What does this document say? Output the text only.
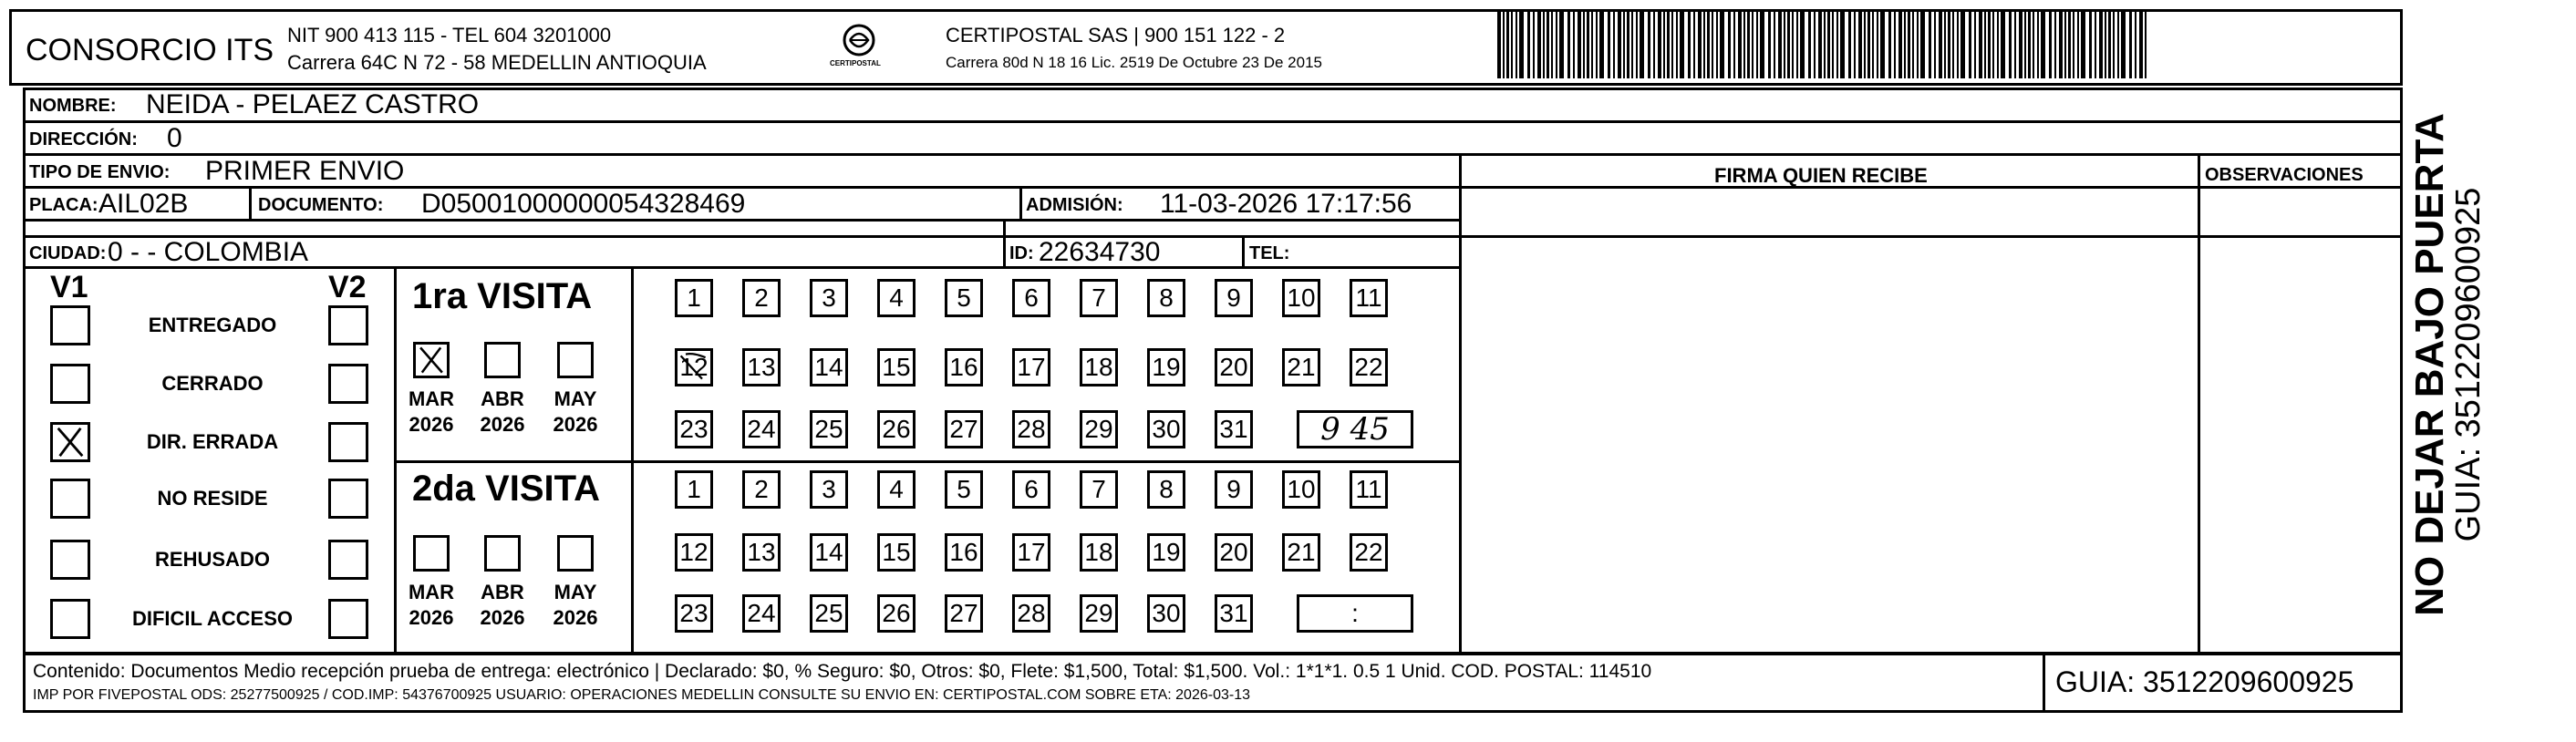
CONSORCIO ITS NIT 900 413 115 - TEL 604 3201000
Carrera 64C N 72 - 58 MEDELLIN ANTIOQUIA	CERTIPOSTAL
CERTIPOSTAL SAS | 900 151 122 - 2
Carrera 80d N 18 16 Lic. 2519 De Octubre 23 De 2015
NOMBRE: NEIDA - PELAEZ CASTRO
DIRECCIÓN: 0
TIPO DE ENVIO: PRIMER ENVIO	FIRMA QUIEN RECIBE	OBSERVACIONES
PLACA: AIL02B	DOCUMENTO: D05001000000054328469	ADMISIÓN: 11-03-2026 17:17:56
CIUDAD: 0 - - COLOMBIA	ID: 22634730	TEL:
V1	V2
ENTREGADO
CERRADO
DIR. ERRADA
NO RESIDE
REHUSADO
DIFICIL ACCESO
1ra VISITA
2da VISITA
MAR
2026
ABR
2026
MAY
2026
MAR
2026
ABR
2026
MAY
2026
1 2 3 4 5 6 7 8 9 10 11
12 13 14 15 16 17 18 19 20 21 22
23 24 25 26 27 28 29 30 31 9 45
1 2 3 4 5 6 7 8 9 10 11
12 13 14 15 16 17 18 19 20 21 22
23 24 25 26 27 28 29 30 31	:	NO DEJAR BAJO PUERTA
GUIA: 3512209600925
Contenido: Documentos Medio recepción prueba de entrega: electrónico | Declarado: $0, % Seguro: $0, Otros: $0, Flete: $1,500, Total: $1,500. Vol.: 1*1*1. 0.5 1 Unid. COD. POSTAL: 114510
IMP POR FIVEPOSTAL ODS: 25277500925 / COD.IMP: 54376700925 USUARIO: OPERACIONES MEDELLIN CONSULTE SU ENVIO EN: CERTIPOSTAL.COM SOBRE ETA: 2026-03-13	GUIA: 3512209600925
